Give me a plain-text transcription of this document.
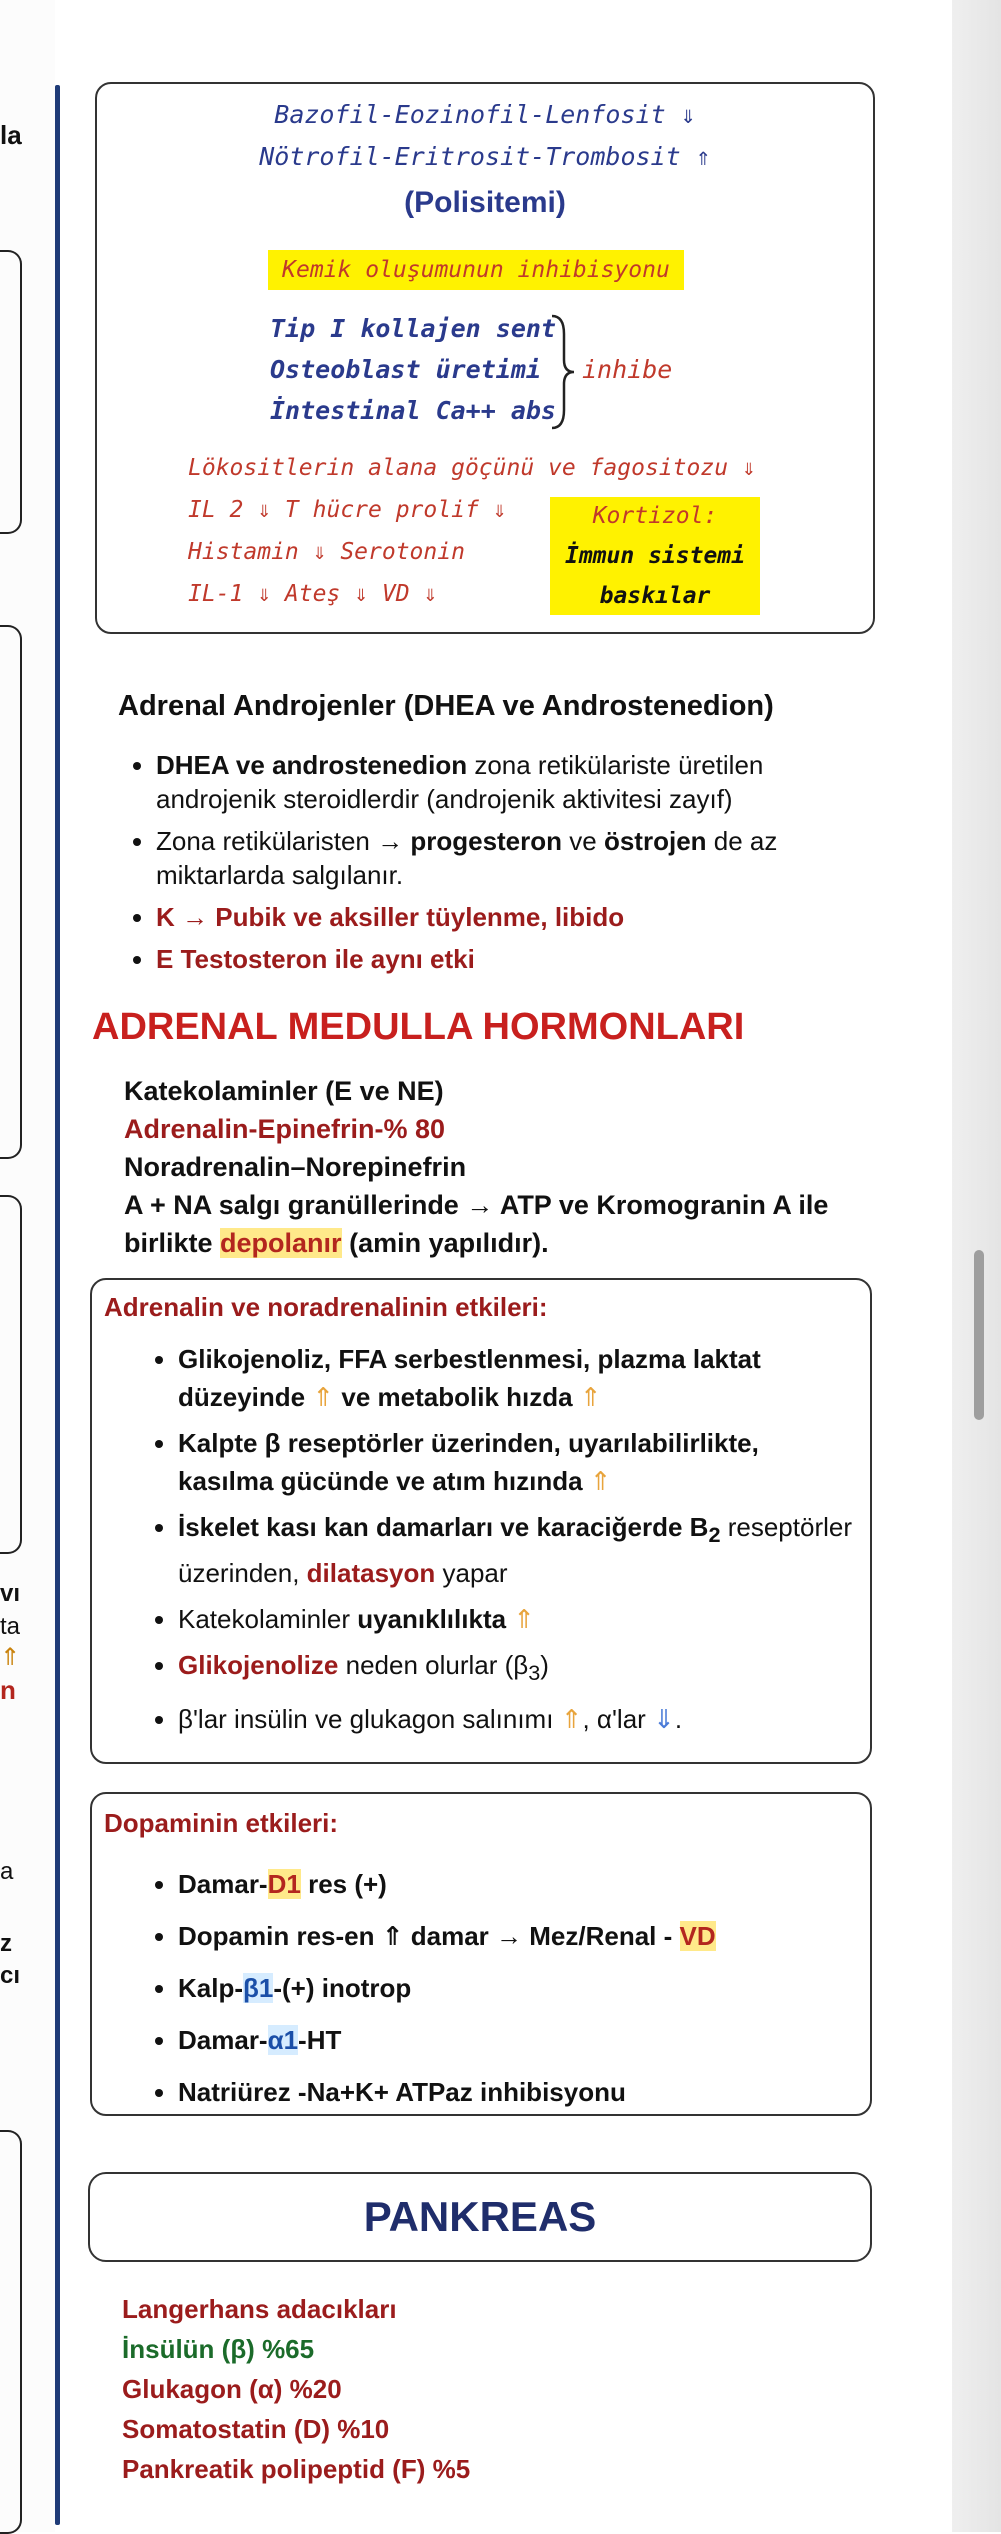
la
vı
ta
⇑
n
a
z
cı
Bazofil-Eozinofil-Lenfosit ⇓
Nötrofil-Eritrosit-Trombosit ⇑
(Polisitemi)
Kemik oluşumunun inhibisyonu
Tip I kollajen sent
Osteoblast üretimi
İntestinal Ca++ abs
inhibe
Lökositlerin alana göçünü ve fagositozu ⇓
IL 2 ⇓ T hücre prolif ⇓
Histamin ⇓ Serotonin
IL-1 ⇓ Ateş ⇓ VD ⇓
Kortizol:
İmmun sistemi
baskılar
Adrenal Androjenler (DHEA ve Androstenedion)
• DHEA ve androstenedion zona retikülariste üretilen androjenik steroidlerdir (androjenik aktivitesi zayıf)
• Zona retikülaristen → progesteron ve östrojen de az miktarlarda salgılanır.
• K → Pubik ve aksiller tüylenme, libido
• E Testosteron ile aynı etki
ADRENAL MEDULLA HORMONLARI
Katekolaminler (E ve NE)
Adrenalin-Epinefrin-% 80
Noradrenalin–Norepinefrin
A + NA salgı granüllerinde → ATP ve Kromogranin A ile
birlikte depolanır (amin yapılıdır).
Adrenalin ve noradrenalinin etkileri:
• Glikojenoliz, FFA serbestlenmesi, plazma laktat düzeyinde ⇑ ve metabolik hızda ⇑
• Kalpte β reseptörler üzerinden, uyarılabilirlikte, kasılma gücünde ve atım hızında ⇑
• İskelet kası kan damarları ve karaciğerde $B_2$ reseptörler üzerinden, dilatasyon yapar
• Katekolaminler uyanıklılıkta ⇑
• Glikojenolize neden olurlar $(\beta_3)$
• β'lar insülin ve glukagon salınımı ⇑, α'lar ⇓.
Dopaminin etkileri:
• Damar-D1 res (+)
• Dopamin res-en ⇑ damar → Mez/Renal - VD
• Kalp-β1-(+) inotrop
• Damar-α1-HT
• Natriürez -Na+K+ ATPaz inhibisyonu
PANKREAS
Langerhans adacıkları
İnsülün (β) %65
Glukagon (α) %20
Somatostatin (D) %10
Pankreatik polipeptid (F) %5
